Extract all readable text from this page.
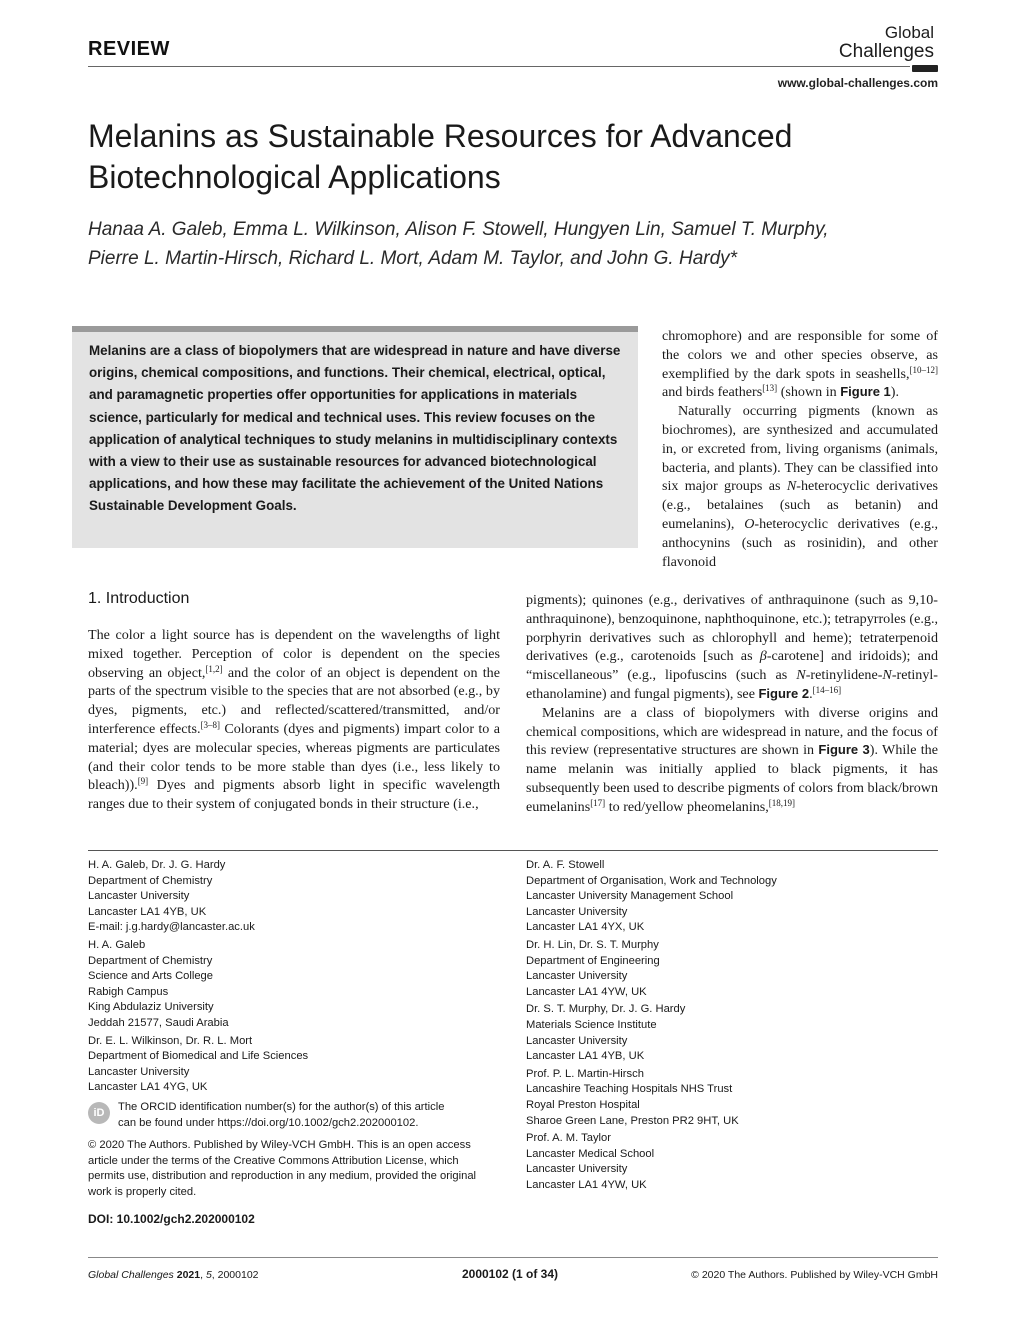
REVIEW
Global
Challenges
www.global-challenges.com
Melanins as Sustainable Resources for Advanced Biotechnological Applications
Hanaa A. Galeb, Emma L. Wilkinson, Alison F. Stowell, Hungyen Lin, Samuel T. Murphy,
Pierre L. Martin-Hirsch, Richard L. Mort, Adam M. Taylor, and John G. Hardy*
Melanins are a class of biopolymers that are widespread in nature and have diverse origins, chemical compositions, and functions. Their chemical, electrical, optical, and paramagnetic properties offer opportunities for applications in materials science, particularly for medical and technical uses. This review focuses on the application of analytical techniques to study melanins in multidisciplinary contexts with a view to their use as sustainable resources for advanced biotechnological applications, and how these may facilitate the achievement of the United Nations Sustainable Development Goals.
chromophore) and are responsible for some of the colors we and other species observe, as exemplified by the dark spots in seashells,[10–12] and birds feathers[13] (shown in Figure 1).
Naturally occurring pigments (known as biochromes), are synthesized and accumulated in, or excreted from, living organisms (animals, bacteria, and plants). They can be classified into six major groups as N-heterocyclic derivatives (e.g., betalaines (such as betanin) and eumelanins), O-heterocyclic derivatives (e.g., anthocynins (such as rosinidin), and other flavonoid
1. Introduction
The color a light source has is dependent on the wavelengths of light mixed together. Perception of color is dependent on the species observing an object,[1,2] and the color of an object is dependent on the parts of the spectrum visible to the species that are not absorbed (e.g., by dyes, pigments, etc.) and reflected/scattered/transmitted, and/or interference effects.[3–8] Colorants (dyes and pigments) impart color to a material; dyes are molecular species, whereas pigments are particulates (and their color tends to be more stable than dyes (i.e., less likely to bleach)).[9] Dyes and pigments absorb light in specific wavelength ranges due to their system of conjugated bonds in their structure (i.e.,
pigments); quinones (e.g., derivatives of anthraquinone (such as 9,10-anthraquinone), benzoquinone, naphthoquinone, etc.); tetrapyrroles (e.g., porphyrin derivatives such as chlorophyll and heme); tetraterpenoid derivatives (e.g., carotenoids [such as β-carotene] and iridoids); and “miscellaneous” (e.g., lipofuscins (such as N-retinylidene-N-retinyl-ethanolamine) and fungal pigments), see Figure 2.[14–16]
Melanins are a class of biopolymers with diverse origins and chemical compositions, which are widespread in nature, and the focus of this review (representative structures are shown in Figure 3). While the name melanin was initially applied to black pigments, it has subsequently been used to describe pigments of colors from black/brown eumelanins[17] to red/yellow pheomelanins,[18,19]
H. A. Galeb, Dr. J. G. Hardy
Department of Chemistry
Lancaster University
Lancaster LA1 4YB, UK
E-mail: j.g.hardy@lancaster.ac.uk
H. A. Galeb
Department of Chemistry
Science and Arts College
Rabigh Campus
King Abdulaziz University
Jeddah 21577, Saudi Arabia
Dr. E. L. Wilkinson, Dr. R. L. Mort
Department of Biomedical and Life Sciences
Lancaster University
Lancaster LA1 4YG, UK
Dr. A. F. Stowell
Department of Organisation, Work and Technology
Lancaster University Management School
Lancaster University
Lancaster LA1 4YX, UK
Dr. H. Lin, Dr. S. T. Murphy
Department of Engineering
Lancaster University
Lancaster LA1 4YW, UK
Dr. S. T. Murphy, Dr. J. G. Hardy
Materials Science Institute
Lancaster University
Lancaster LA1 4YB, UK
Prof. P. L. Martin-Hirsch
Lancashire Teaching Hospitals NHS Trust
Royal Preston Hospital
Sharoe Green Lane, Preston PR2 9HT, UK
Prof. A. M. Taylor
Lancaster Medical School
Lancaster University
Lancaster LA1 4YW, UK
iD	The ORCID identification number(s) for the author(s) of this article
can be found under https://doi.org/10.1002/gch2.202000102.
© 2020 The Authors. Published by Wiley-VCH GmbH. This is an open access article under the terms of the Creative Commons Attribution License, which permits use, distribution and reproduction in any medium, provided the original work is properly cited.
DOI: 10.1002/gch2.202000102
Global Challenges 2021, 5, 2000102	2000102 (1 of 34)	© 2020 The Authors. Published by Wiley-VCH GmbH
